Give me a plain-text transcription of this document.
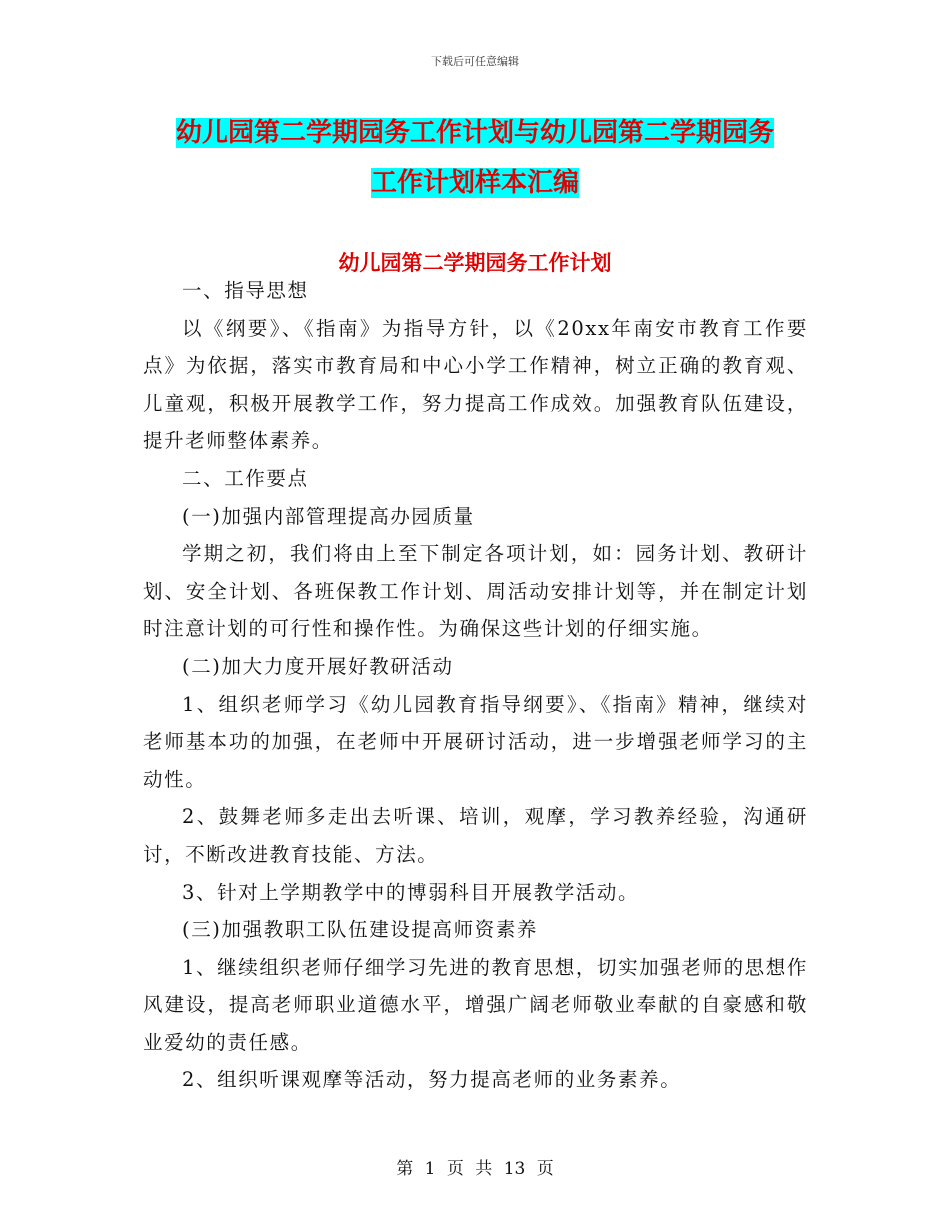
下载后可任意编辑
幼儿园第二学期园务工作计划与幼儿园第二学期园务
工作计划样本汇编
幼儿园第二学期园务工作计划

一、指导思想

以《纲要》、《指南》为指导方针，以《20xx年南安市教育工作要点》为依据，落实市教育局和中心小学工作精神，树立正确的教育观、儿童观，积极开展教学工作，努力提高工作成效。加强教育队伍建设，提升老师整体素养。

二、工作要点

(一)加强内部管理提高办园质量

学期之初，我们将由上至下制定各项计划，如：园务计划、教研计划、安全计划、各班保教工作计划、周活动安排计划等，并在制定计划时注意计划的可行性和操作性。为确保这些计划的仔细实施。

(二)加大力度开展好教研活动

1、组织老师学习《幼儿园教育指导纲要》、《指南》精神，继续对老师基本功的加强，在老师中开展研讨活动，进一步增强老师学习的主动性。

2、鼓舞老师多走出去听课、培训，观摩，学习教养经验，沟通研讨，不断改进教育技能、方法。

3、针对上学期教学中的博弱科目开展教学活动。

(三)加强教职工队伍建设提高师资素养

1、继续组织老师仔细学习先进的教育思想，切实加强老师的思想作风建设，提高老师职业道德水平，增强广阔老师敬业奉献的自豪感和敬业爱幼的责任感。

2、组织听课观摩等活动，努力提高老师的业务素养。

第 1 页 共 13 页
